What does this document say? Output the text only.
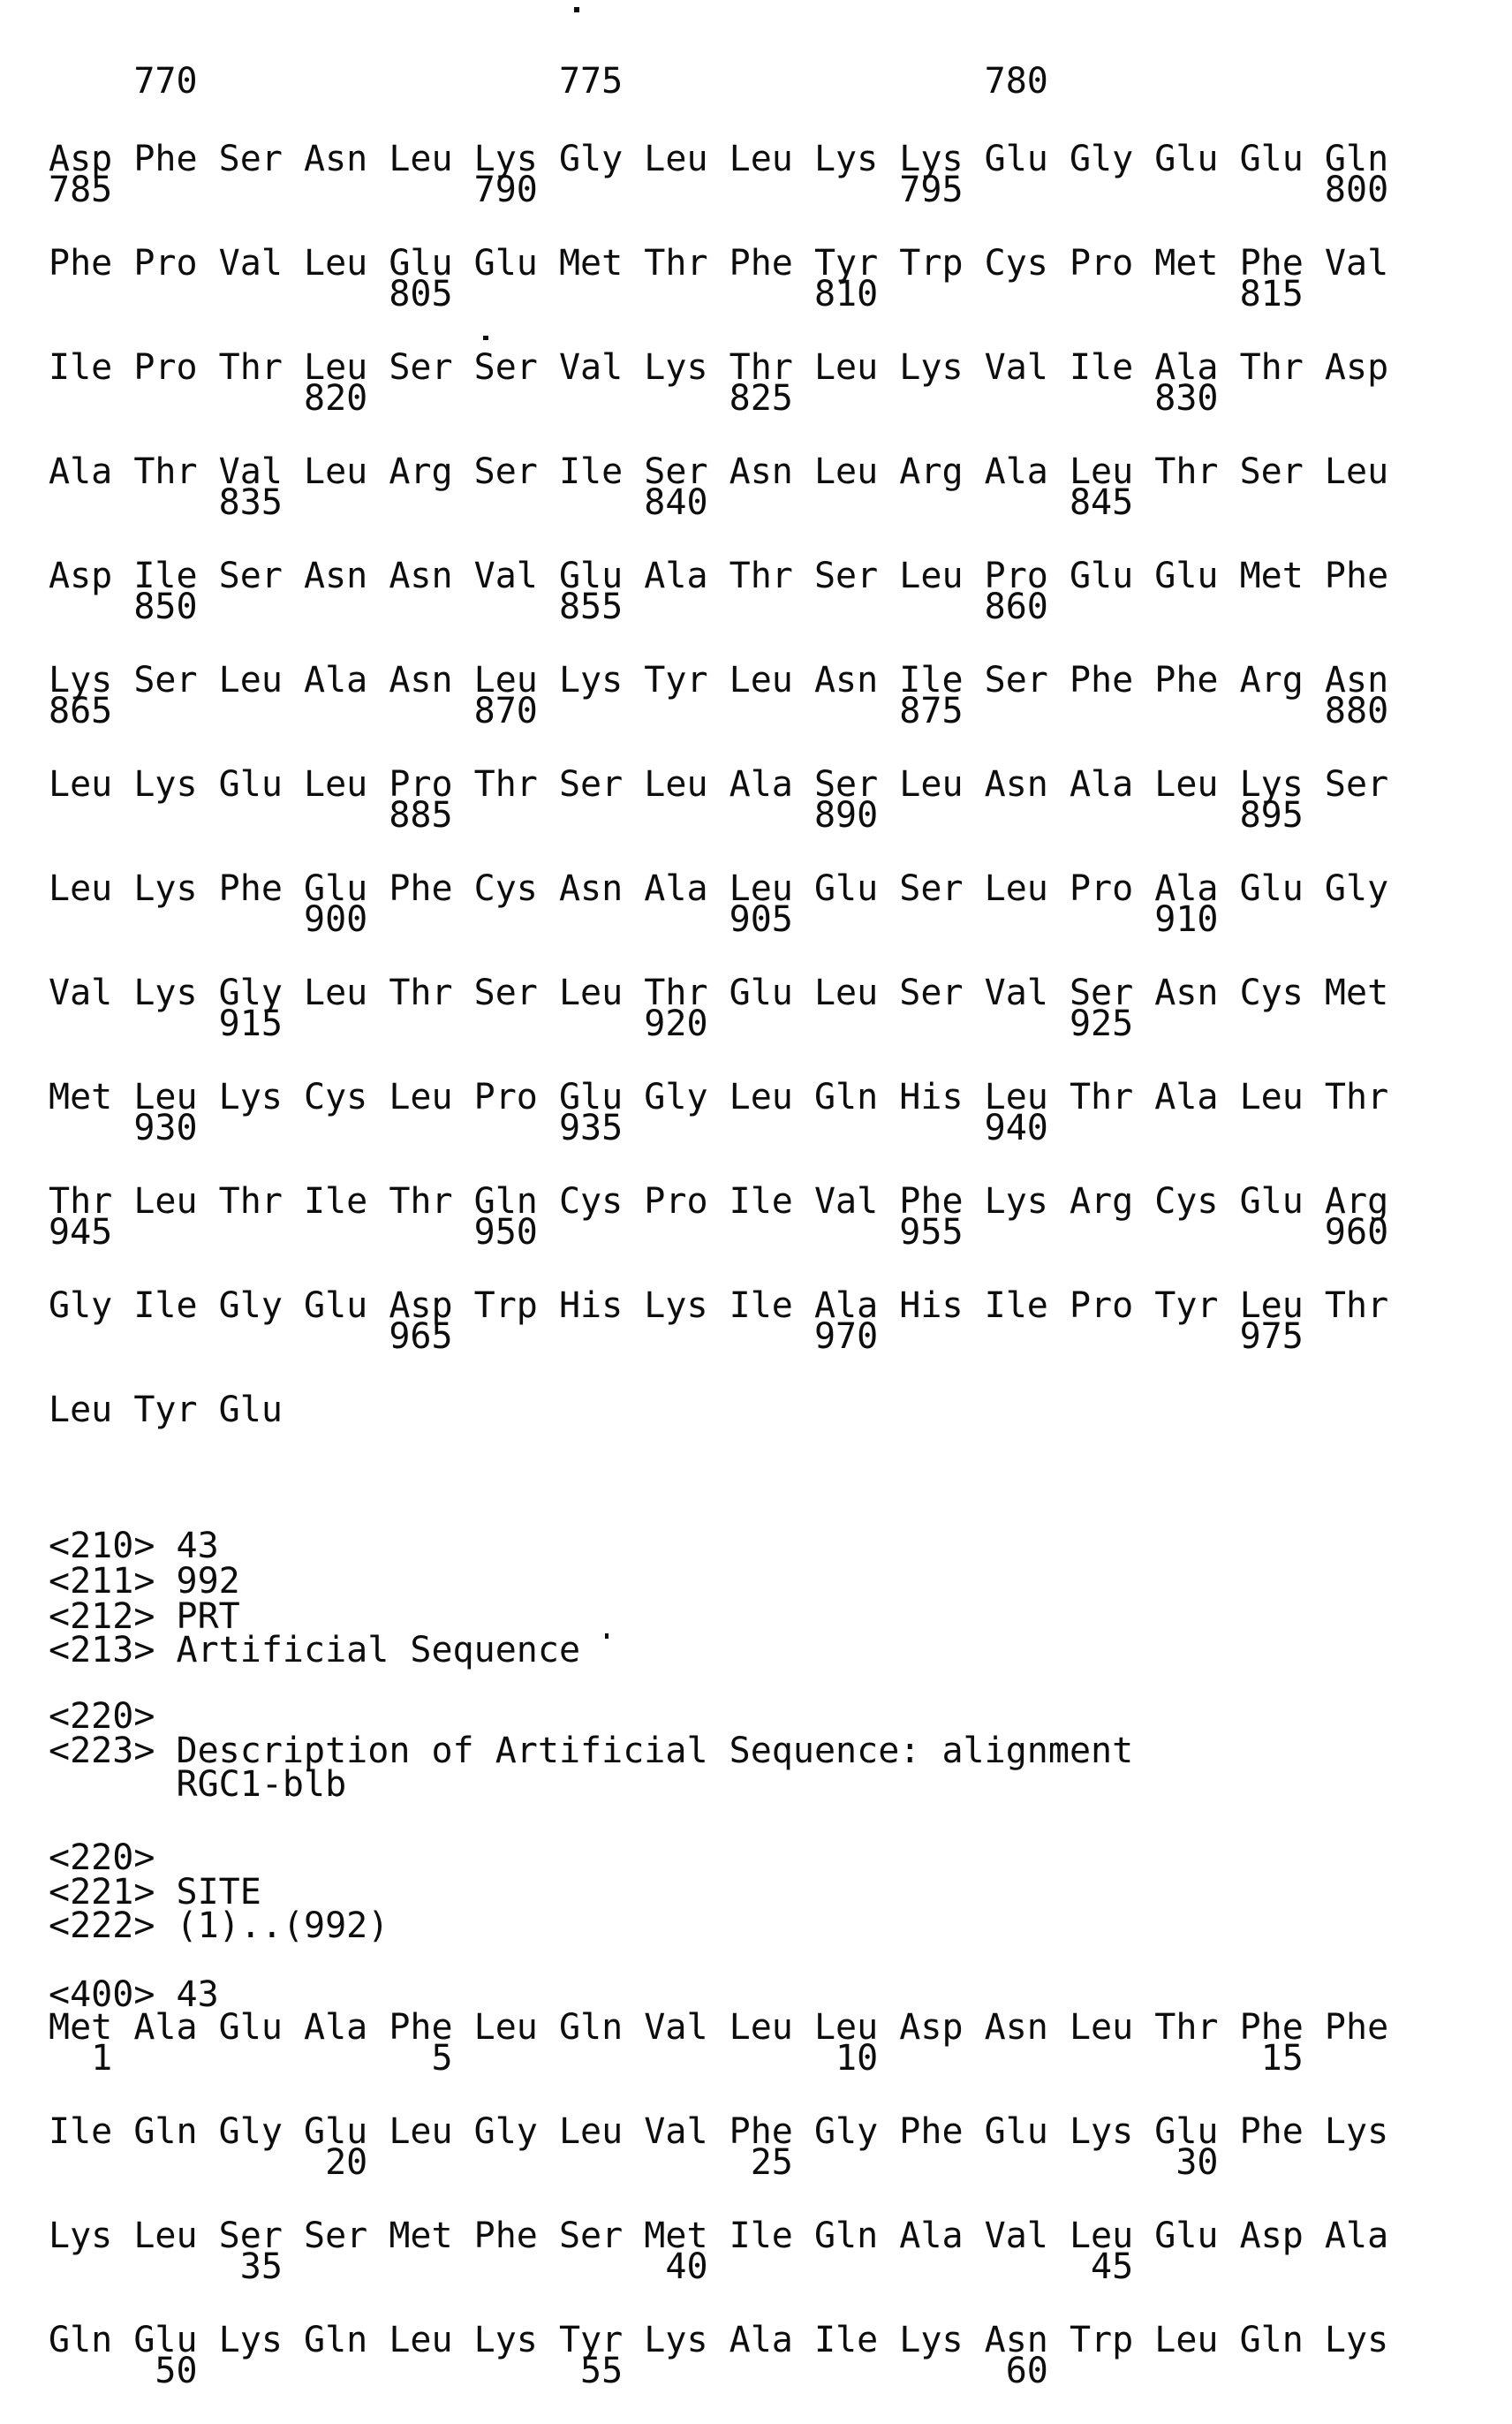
770                 775                 780
Asp Phe Ser Asn Leu Lys Gly Leu Leu Lys Lys Glu Gly Glu Glu Gln
785                 790                 795                 800
Phe Pro Val Leu Glu Glu Met Thr Phe Tyr Trp Cys Pro Met Phe Val
805                 810                 815
Ile Pro Thr Leu Ser Ser Val Lys Thr Leu Lys Val Ile Ala Thr Asp
820                 825                 830
Ala Thr Val Leu Arg Ser Ile Ser Asn Leu Arg Ala Leu Thr Ser Leu
835                 840                 845
Asp Ile Ser Asn Asn Val Glu Ala Thr Ser Leu Pro Glu Glu Met Phe
850                 855                 860
Lys Ser Leu Ala Asn Leu Lys Tyr Leu Asn Ile Ser Phe Phe Arg Asn
865                 870                 875                 880
Leu Lys Glu Leu Pro Thr Ser Leu Ala Ser Leu Asn Ala Leu Lys Ser
885                 890                 895
Leu Lys Phe Glu Phe Cys Asn Ala Leu Glu Ser Leu Pro Ala Glu Gly
900                 905                 910
Val Lys Gly Leu Thr Ser Leu Thr Glu Leu Ser Val Ser Asn Cys Met
915                 920                 925
Met Leu Lys Cys Leu Pro Glu Gly Leu Gln His Leu Thr Ala Leu Thr
930                 935                 940
Thr Leu Thr Ile Thr Gln Cys Pro Ile Val Phe Lys Arg Cys Glu Arg
945                 950                 955                 960
Gly Ile Gly Glu Asp Trp His Lys Ile Ala His Ile Pro Tyr Leu Thr
965                 970                 975
Leu Tyr Glu
<210> 43
<211> 992
<212> PRT
<213> Artificial Sequence
<220>
<223> Description of Artificial Sequence: alignment
RGC1-blb
<220>
<221> SITE
<222> (1)..(992)
<400> 43
Met Ala Glu Ala Phe Leu Gln Val Leu Leu Asp Asn Leu Thr Phe Phe
1               5                  10                  15
Ile Gln Gly Glu Leu Gly Leu Val Phe Gly Phe Glu Lys Glu Phe Lys
20                  25                  30
Lys Leu Ser Ser Met Phe Ser Met Ile Gln Ala Val Leu Glu Asp Ala
35                  40                  45
Gln Glu Lys Gln Leu Lys Tyr Lys Ala Ile Lys Asn Trp Leu Gln Lys
50                  55                  60
